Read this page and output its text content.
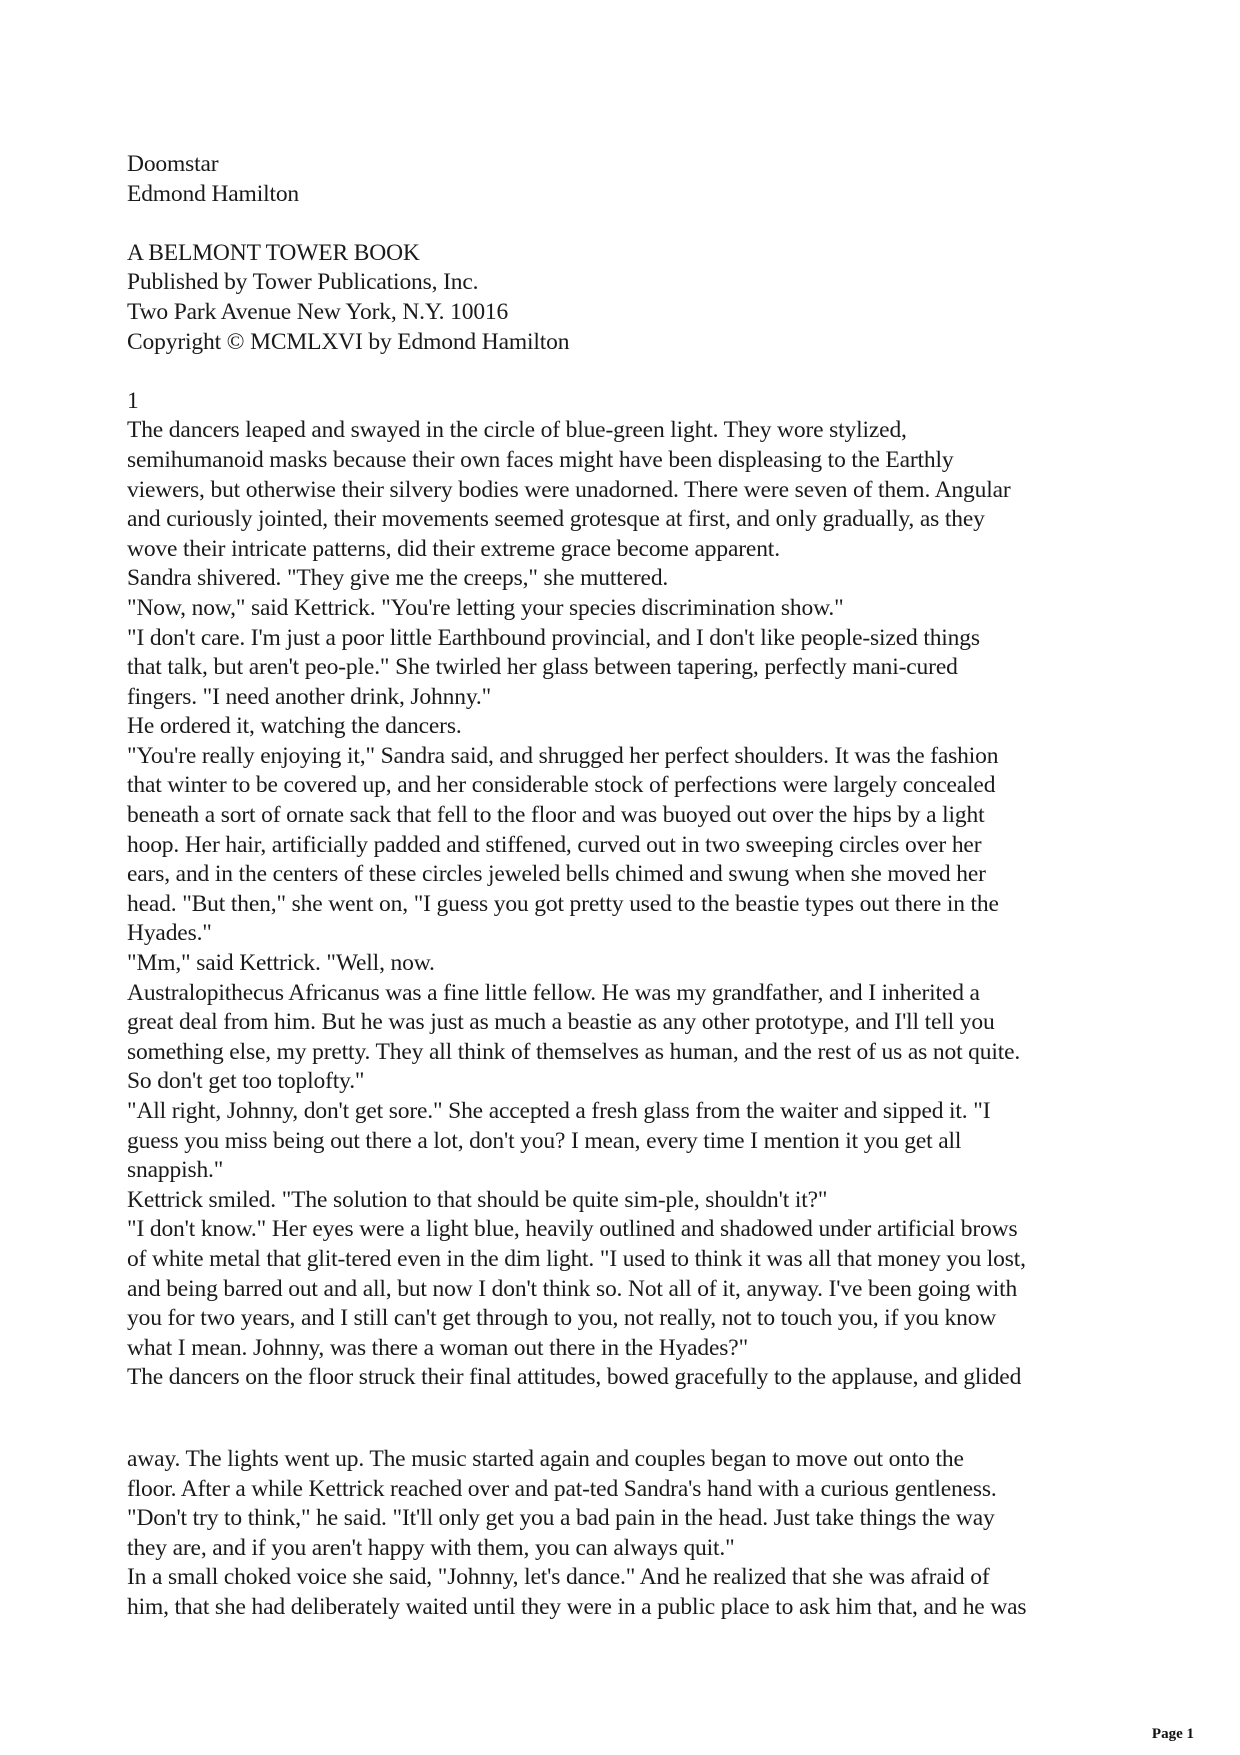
Doomstar
Edmond Hamilton
A BELMONT TOWER BOOK
Published by Tower Publications, Inc.
Two Park Avenue New York, N.Y. 10016
Copyright © MCMLXVI by Edmond Hamilton
1
The dancers leaped and swayed in the circle of blue-green light. They wore stylized,
semihumanoid masks because their own faces might have been displeasing to the Earthly
viewers, but otherwise their silvery bodies were unadorned. There were seven of them. Angular
and curiously jointed, their movements seemed grotesque at first, and only gradually, as they
wove their intricate patterns, did their extreme grace become apparent.
Sandra shivered. "They give me the creeps," she muttered.
"Now, now," said Kettrick. "You're letting your species discrimination show."
"I don't care. I'm just a poor little Earthbound provincial, and I don't like people-sized things
that talk, but aren't peo-ple." She twirled her glass between tapering, perfectly mani-cured
fingers. "I need another drink, Johnny."
He ordered it, watching the dancers.
"You're really enjoying it," Sandra said, and shrugged her perfect shoulders. It was the fashion
that winter to be covered up, and her considerable stock of perfections were largely concealed
beneath a sort of ornate sack that fell to the floor and was buoyed out over the hips by a light
hoop. Her hair, artificially padded and stiffened, curved out in two sweeping circles over her
ears, and in the centers of these circles jeweled bells chimed and swung when she moved her
head. "But then," she went on, "I guess you got pretty used to the beastie types out there in the
Hyades."
"Mm," said Kettrick. "Well, now.
Australopithecus Africanus was a fine little fellow. He was my grandfather, and I inherited a
great deal from him. But he was just as much a beastie as any other prototype, and I'll tell you
something else, my pretty. They all think of themselves as human, and the rest of us as not quite.
So don't get too toplofty."
"All right, Johnny, don't get sore." She accepted a fresh glass from the waiter and sipped it. "I
guess you miss being out there a lot, don't you? I mean, every time I mention it you get all
snappish."
Kettrick smiled. "The solution to that should be quite sim-ple, shouldn't it?"
"I don't know." Her eyes were a light blue, heavily outlined and shadowed under artificial brows
of white metal that glit-tered even in the dim light. "I used to think it was all that money you lost,
and being barred out and all, but now I don't think so. Not all of it, anyway. I've been going with
you for two years, and I still can't get through to you, not really, not to touch you, if you know
what I mean. Johnny, was there a woman out there in the Hyades?"
The dancers on the floor struck their final attitudes, bowed gracefully to the applause, and glided
away. The lights went up. The music started again and couples began to move out onto the
floor. After a while Kettrick reached over and pat-ted Sandra's hand with a curious gentleness.
"Don't try to think," he said. "It'll only get you a bad pain in the head. Just take things the way
they are, and if you aren't happy with them, you can always quit."
In a small choked voice she said, "Johnny, let's dance." And he realized that she was afraid of
him, that she had deliberately waited until they were in a public place to ask him that, and he was
Page 1
